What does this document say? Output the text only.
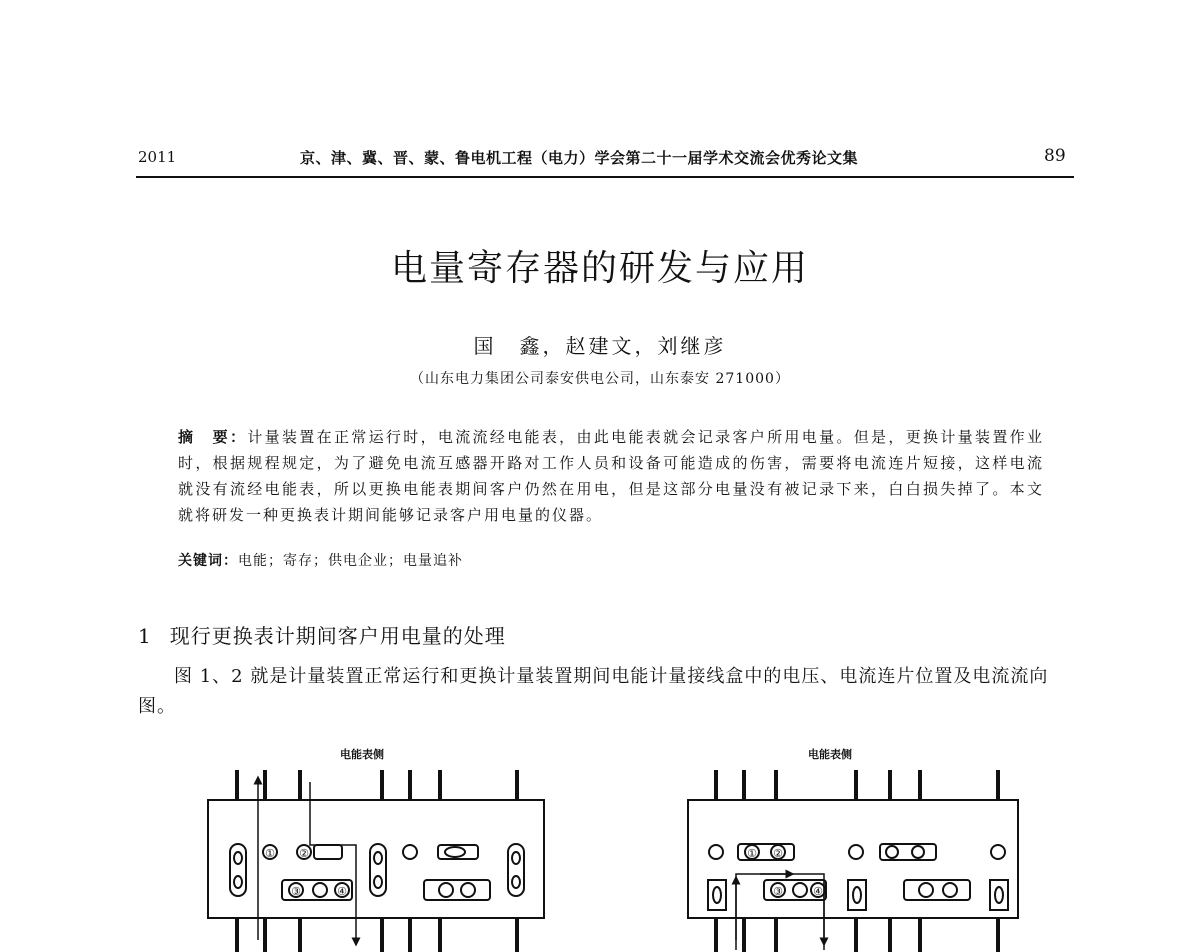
2011	京、津、冀、晋、蒙、鲁电机工程（电力）学会第二十一届学术交流会优秀论文集	89
电量寄存器的研发与应用
国　鑫，赵建文，刘继彦
（山东电力集团公司泰安供电公司，山东泰安 271000）
摘　要：计量装置在正常运行时，电流流经电能表，由此电能表就会记录客户所用电量。但是，更换计量装置作业时，根据规程规定，为了避免电流互感器开路对工作人员和设备可能造成的伤害，需要将电流连片短接，这样电流就没有流经电能表，所以更换电能表期间客户仍然在用电，但是这部分电量没有被记录下来，白白损失掉了。本文就将研发一种更换表计期间能够记录客户用电量的仪器。
关键词：电能；寄存；供电企业；电量追补
1 现行更换表计期间客户用电量的处理
图 1、2 就是计量装置正常运行和更换计量装置期间电能计量接线盒中的电压、电流连片位置及电流流向图。
电能表侧
① ②
③	④
电能表侧
① ②
③	④
